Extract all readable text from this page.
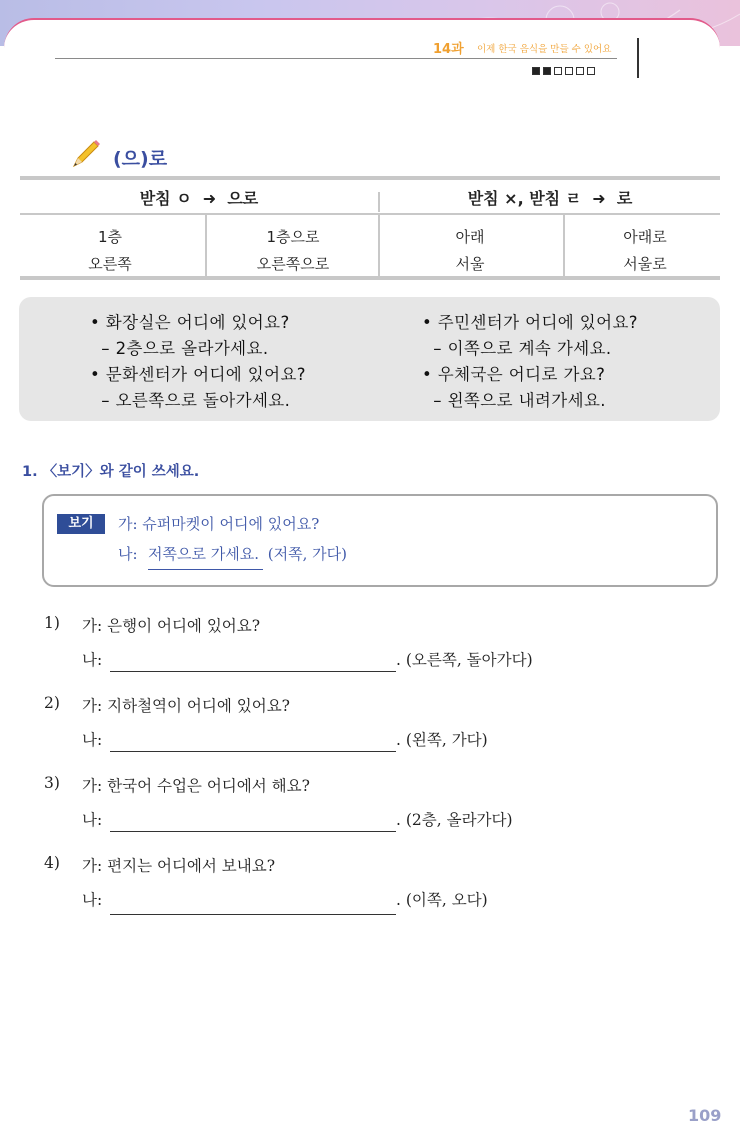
14과 이제 한국 음식을 만들 수 있어요
(으)로
받침 ㅇ  ➜  으로	받침 ×, 받침 ㄹ  ➜  로
1층	1층으로	아래	아래로
오른쪽	오른쪽으로	서울	서울로
• 화장실은 어디에 있어요?
– 2층으로 올라가세요.
• 문화센터가 어디에 있어요?
– 오른쪽으로 돌아가세요.
• 주민센터가 어디에 있어요?
– 이쪽으로 계속 가세요.
• 우체국은 어디로 가요?
– 왼쪽으로 내려가세요.
1. 〈보기〉와 같이 쓰세요.
보기	가: 슈퍼마켓이 어디에 있어요?
나: 저쪽으로 가세요. (저쪽, 가다)
1) 가: 은행이 어디에 있어요?
나:	. (오른쪽, 돌아가다)
2) 가: 지하철역이 어디에 있어요?
나:	. (왼쪽, 가다)
3) 가: 한국어 수업은 어디에서 해요?
나:	. (2층, 올라가다)
4) 가: 편지는 어디에서 보내요?
나:	. (이쪽, 오다)
109
